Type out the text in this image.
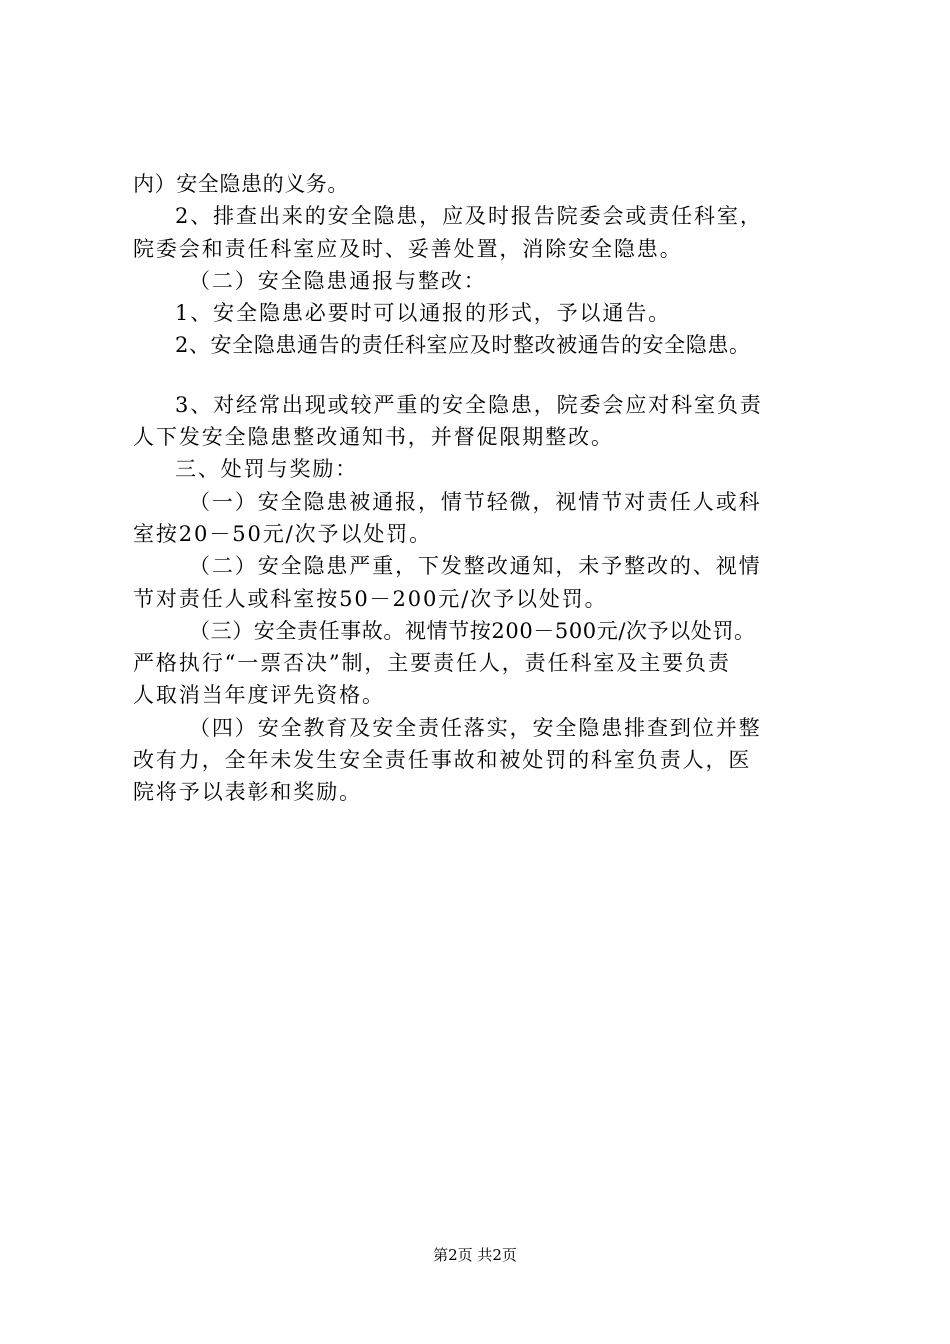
内）安全隐患的义务。
2、排查出来的安全隐患，应及时报告院委会或责任科室，
院委会和责任科室应及时、妥善处置，消除安全隐患。
（二）安全隐患通报与整改：
1、安全隐患必要时可以通报的形式，予以通告。
2、安全隐患通告的责任科室应及时整改被通告的安全隐患。
3、对经常出现或较严重的安全隐患，院委会应对科室负责
人下发安全隐患整改通知书，并督促限期整改。
三、处罚与奖励：
（一）安全隐患被通报，情节轻微，视情节对责任人或科
室按20－50元/次予以处罚。
（二）安全隐患严重，下发整改通知，未予整改的、视情
节对责任人或科室按50－200元/次予以处罚。
（三）安全责任事故。视情节按200－500元/次予以处罚。
严格执行“一票否决”制，主要责任人，责任科室及主要负责
人取消当年度评先资格。
（四）安全教育及安全责任落实，安全隐患排查到位并整
改有力，全年未发生安全责任事故和被处罚的科室负责人，医
院将予以表彰和奖励。
第2页 共2页
